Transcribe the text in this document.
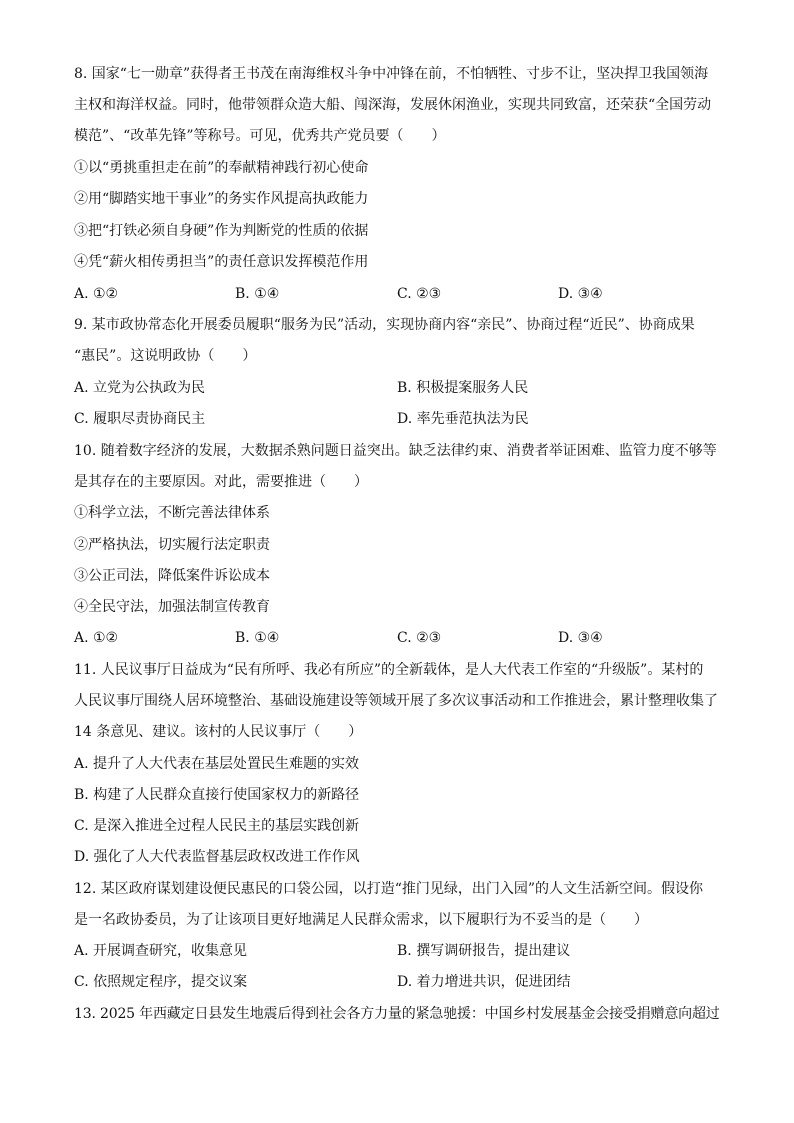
8. 国家“七一勋章”获得者王书茂在南海维权斗争中冲锋在前，不怕牺牲、寸步不让，坚决捍卫我国领海
主权和海洋权益。同时，他带领群众造大船、闯深海，发展休闲渔业，实现共同致富，还荣获“全国劳动
模范”、“改革先锋”等称号。可见，优秀共产党员要（　　）
①以“勇挑重担走在前”的奉献精神践行初心使命
②用“脚踏实地干事业”的务实作风提高执政能力
③把“打铁必须自身硬”作为判断党的性质的依据
④凭“薪火相传勇担当”的责任意识发挥模范作用
A. ①②	B. ①④	C. ②③	D. ③④
9. 某市政协常态化开展委员履职“服务为民”活动，实现协商内容“亲民”、协商过程“近民”、协商成果
“惠民”。这说明政协（　　）
A. 立党为公执政为民	B. 积极提案服务人民
C. 履职尽责协商民主	D. 率先垂范执法为民
10. 随着数字经济的发展，大数据杀熟问题日益突出。缺乏法律约束、消费者举证困难、监管力度不够等
是其存在的主要原因。对此，需要推进（　　）
①科学立法，不断完善法律体系
②严格执法，切实履行法定职责
③公正司法，降低案件诉讼成本
④全民守法，加强法制宣传教育
A. ①②	B. ①④	C. ②③	D. ③④
11. 人民议事厅日益成为“民有所呼、我必有所应”的全新载体，是人大代表工作室的“升级版”。某村的
人民议事厅围绕人居环境整治、基础设施建设等领域开展了多次议事活动和工作推进会，累计整理收集了
14 条意见、建议。该村的人民议事厅（　　）
A. 提升了人大代表在基层处置民生难题的实效
B. 构建了人民群众直接行使国家权力的新路径
C. 是深入推进全过程人民民主的基层实践创新
D. 强化了人大代表监督基层政权改进工作作风
12. 某区政府谋划建设便民惠民的口袋公园，以打造“推门见绿，出门入园”的人文生活新空间。假设你
是一名政协委员，为了让该项目更好地满足人民群众需求，以下履职行为不妥当的是（　　）
A. 开展调查研究，收集意见	B. 撰写调研报告，提出建议
C. 依照规定程序，提交议案	D. 着力增进共识，促进团结
13. 2025 年西藏定日县发生地震后得到社会各方力量的紧急驰援：中国乡村发展基金会接受捐赠意向超过
